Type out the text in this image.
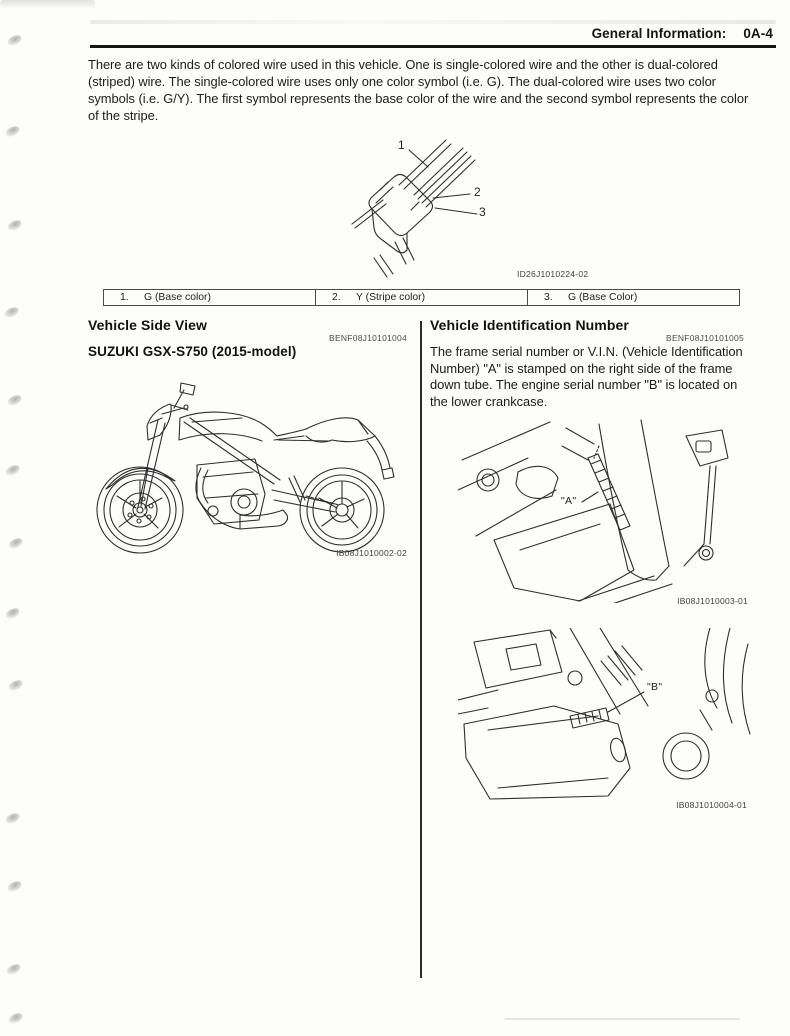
General Information: 0A-4
There are two kinds of colored wire used in this vehicle. One is single-colored wire and the other is dual-colored
(striped) wire. The single-colored wire uses only one color symbol (i.e. G). The dual-colored wire uses two color
symbols (i.e. G/Y). The first symbol represents the base color of the wire and the second symbol represents the color
of the stripe.
1
2
3
ID26J1010224-02
1.	G (Base color)	2.	Y (Stripe color)	3.	G (Base Color)
Vehicle Side View
BENF08J10101004
SUZUKI GSX-S750 (2015-model)
IB08J1010002-02
Vehicle Identification Number
BENF08J10101005
The frame serial number or V.I.N. (Vehicle Identification
Number) "A" is stamped on the right side of the frame
down tube. The engine serial number "B" is located on
the lower crankcase.
"A"
IB08J1010003-01
"B"
IB08J1010004-01
